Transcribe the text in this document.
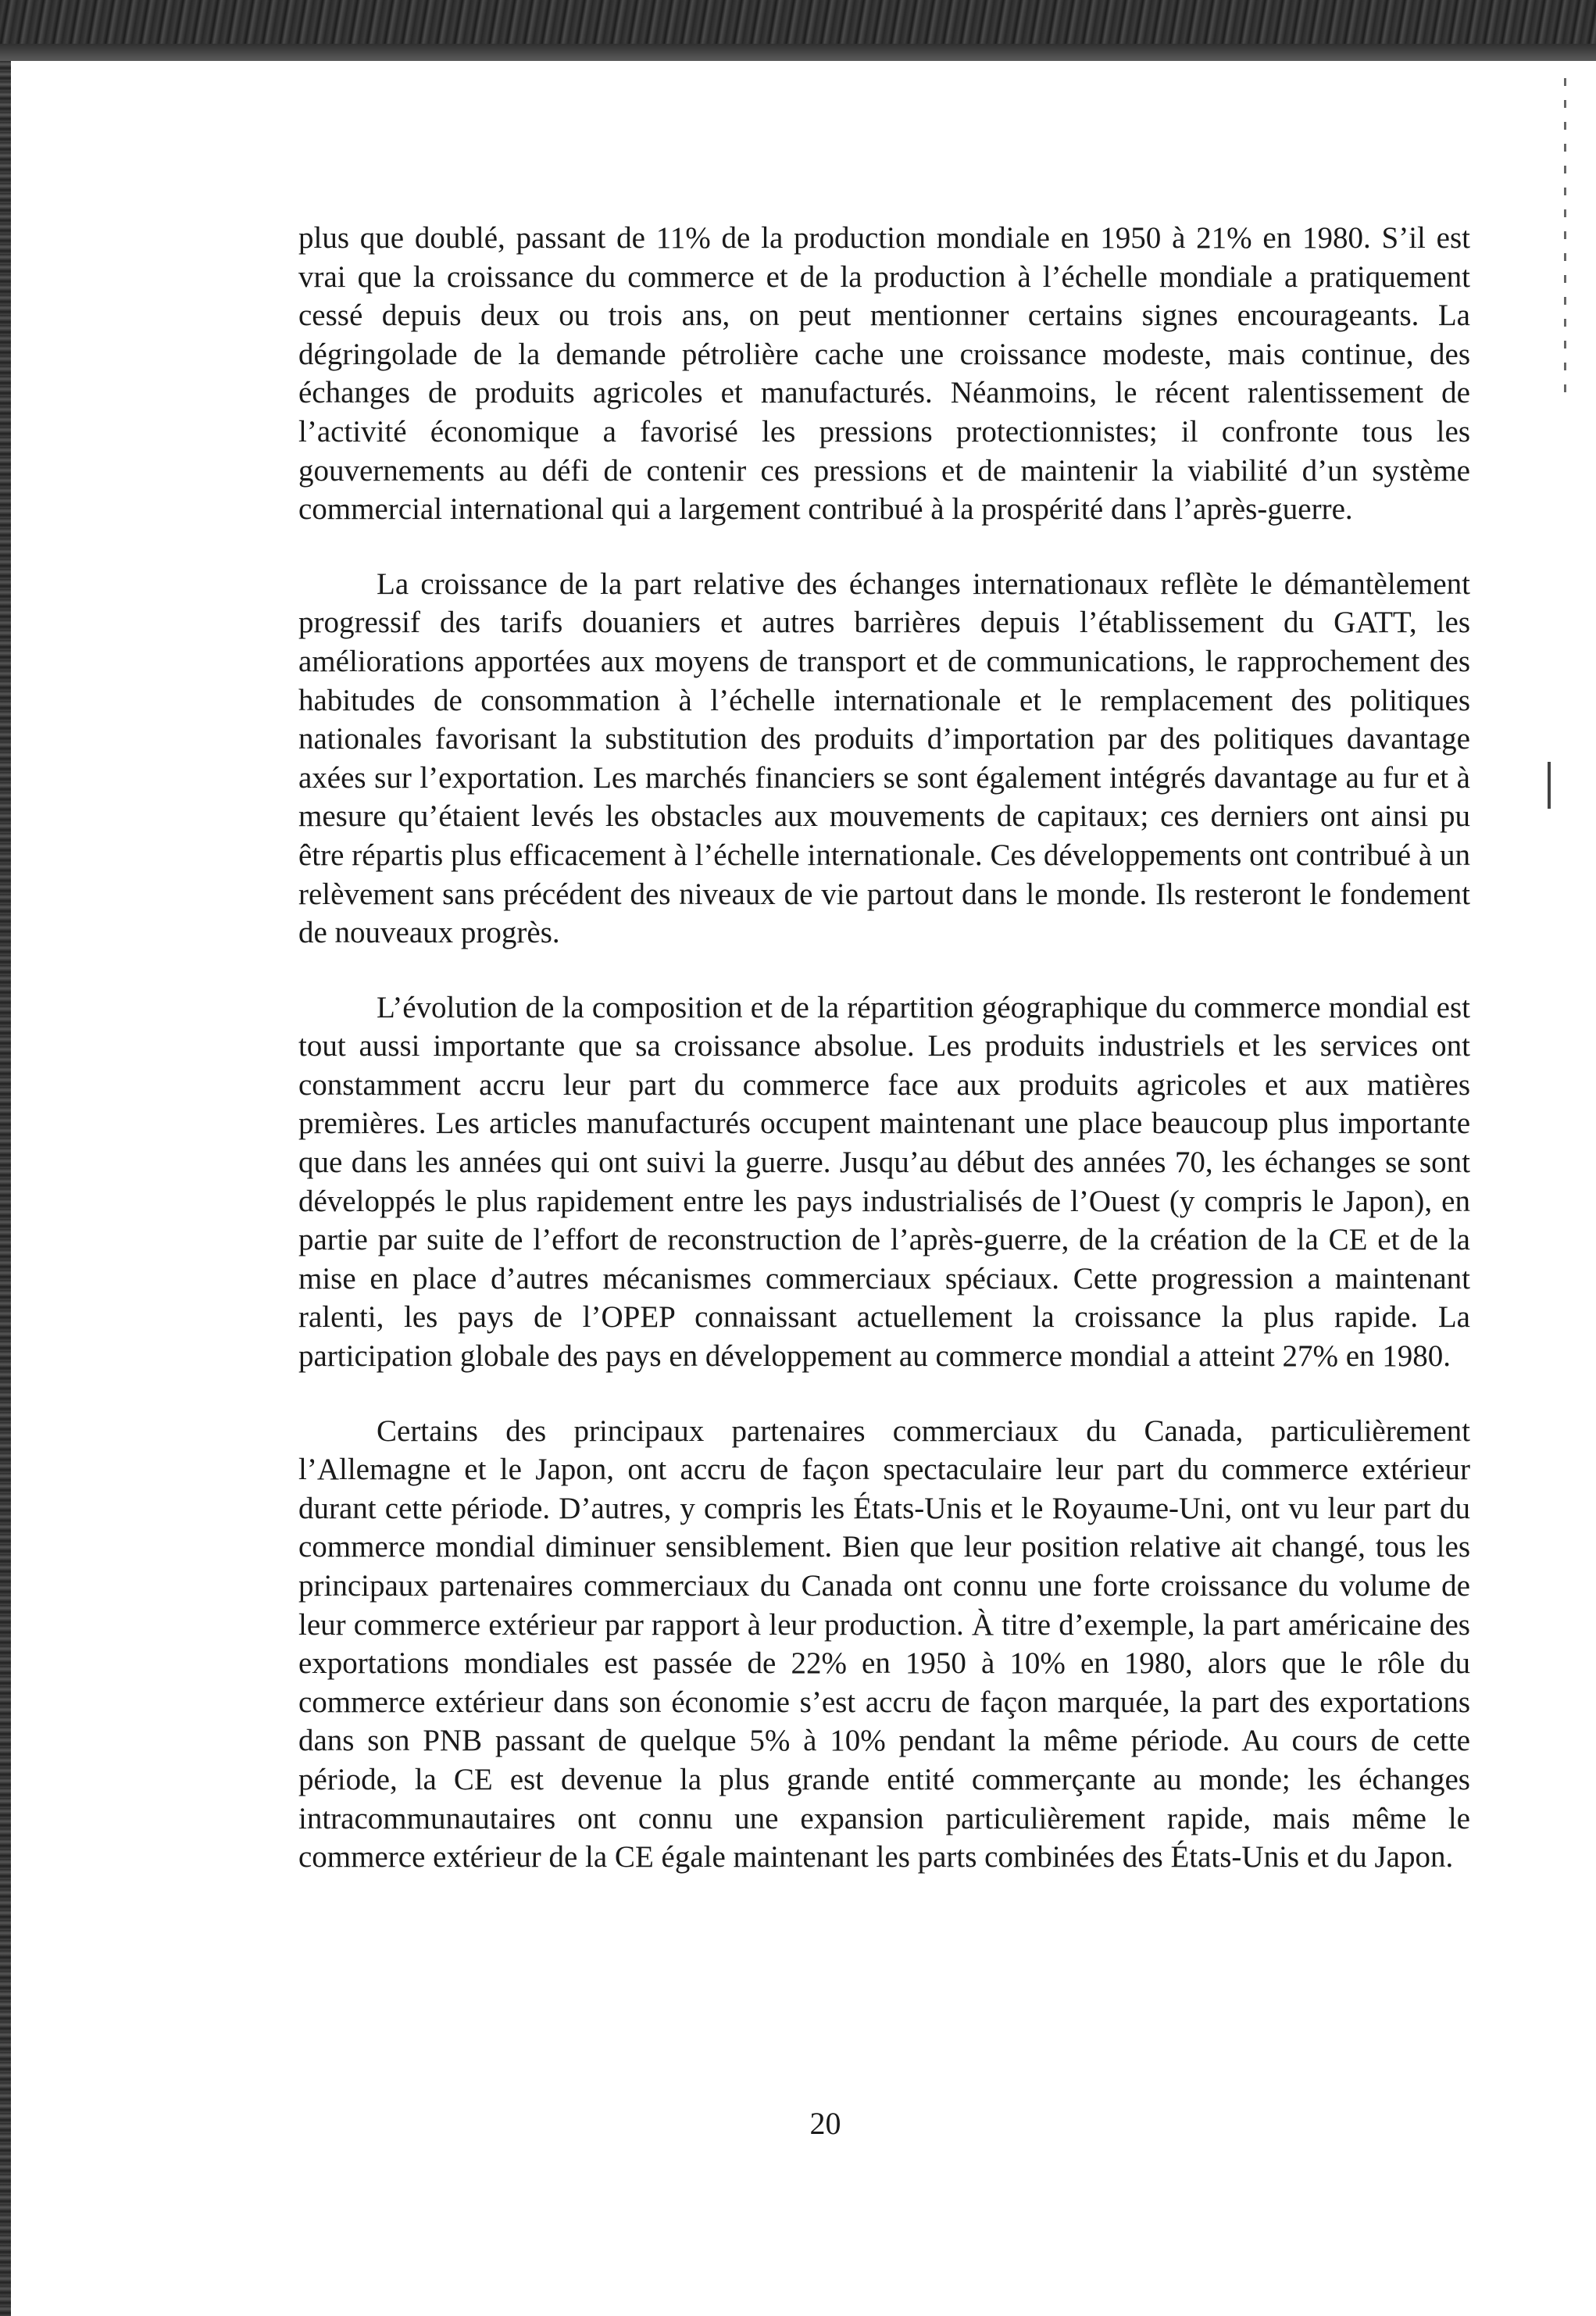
plus que doublé, passant de 11% de la production mondiale en 1950 à 21% en 1980. S’il est vrai que la croissance du commerce et de la production à l’échelle mondiale a pratiquement cessé depuis deux ou trois ans, on peut mentionner certains signes encourageants. La dégringolade de la demande pétrolière cache une croissance modeste, mais continue, des échanges de produits agricoles et manufacturés. Néanmoins, le récent ralentissement de l’activité économique a favorisé les pressions protectionnistes; il confronte tous les gouvernements au défi de contenir ces pressions et de maintenir la viabilité d’un système commercial international qui a largement contribué à la prospérité dans l’après-guerre.

La croissance de la part relative des échanges internationaux reflète le démantèlement progressif des tarifs douaniers et autres barrières depuis l’établissement du GATT, les améliorations apportées aux moyens de transport et de communications, le rapprochement des habitudes de consommation à l’échelle internationale et le remplacement des politiques nationales favorisant la substitution des produits d’importation par des politiques davantage axées sur l’exportation. Les marchés financiers se sont également intégrés davantage au fur et à mesure qu’étaient levés les obstacles aux mouvements de capitaux; ces derniers ont ainsi pu être répartis plus efficacement à l’échelle internationale. Ces développements ont contribué à un relèvement sans précédent des niveaux de vie partout dans le monde. Ils resteront le fondement de nouveaux progrès.

L’évolution de la composition et de la répartition géographique du commerce mondial est tout aussi importante que sa croissance absolue. Les produits industriels et les services ont constamment accru leur part du commerce face aux produits agricoles et aux matières premières. Les articles manufacturés occupent maintenant une place beaucoup plus importante que dans les années qui ont suivi la guerre. Jusqu’au début des années 70, les échanges se sont développés le plus rapidement entre les pays industrialisés de l’Ouest (y compris le Japon), en partie par suite de l’effort de reconstruction de l’après-guerre, de la création de la CE et de la mise en place d’autres mécanismes commerciaux spéciaux. Cette progression a maintenant ralenti, les pays de l’OPEP connaissant actuellement la croissance la plus rapide. La participation globale des pays en développement au commerce mondial a atteint 27% en 1980.

Certains des principaux partenaires commerciaux du Canada, particulièrement l’Allemagne et le Japon, ont accru de façon spectaculaire leur part du commerce extérieur durant cette période. D’autres, y compris les États-Unis et le Royaume-Uni, ont vu leur part du commerce mondial diminuer sensiblement. Bien que leur position relative ait changé, tous les principaux partenaires commerciaux du Canada ont connu une forte croissance du volume de leur commerce extérieur par rapport à leur production. À titre d’exemple, la part américaine des exportations mondiales est passée de 22% en 1950 à 10% en 1980, alors que le rôle du commerce extérieur dans son économie s’est accru de façon marquée, la part des exportations dans son PNB passant de quelque 5% à 10% pendant la même période. Au cours de cette période, la CE est devenue la plus grande entité commerçante au monde; les échanges intracommunautaires ont connu une expansion particulièrement rapide, mais même le commerce extérieur de la CE égale maintenant les parts combinées des États-Unis et du Japon.

20
